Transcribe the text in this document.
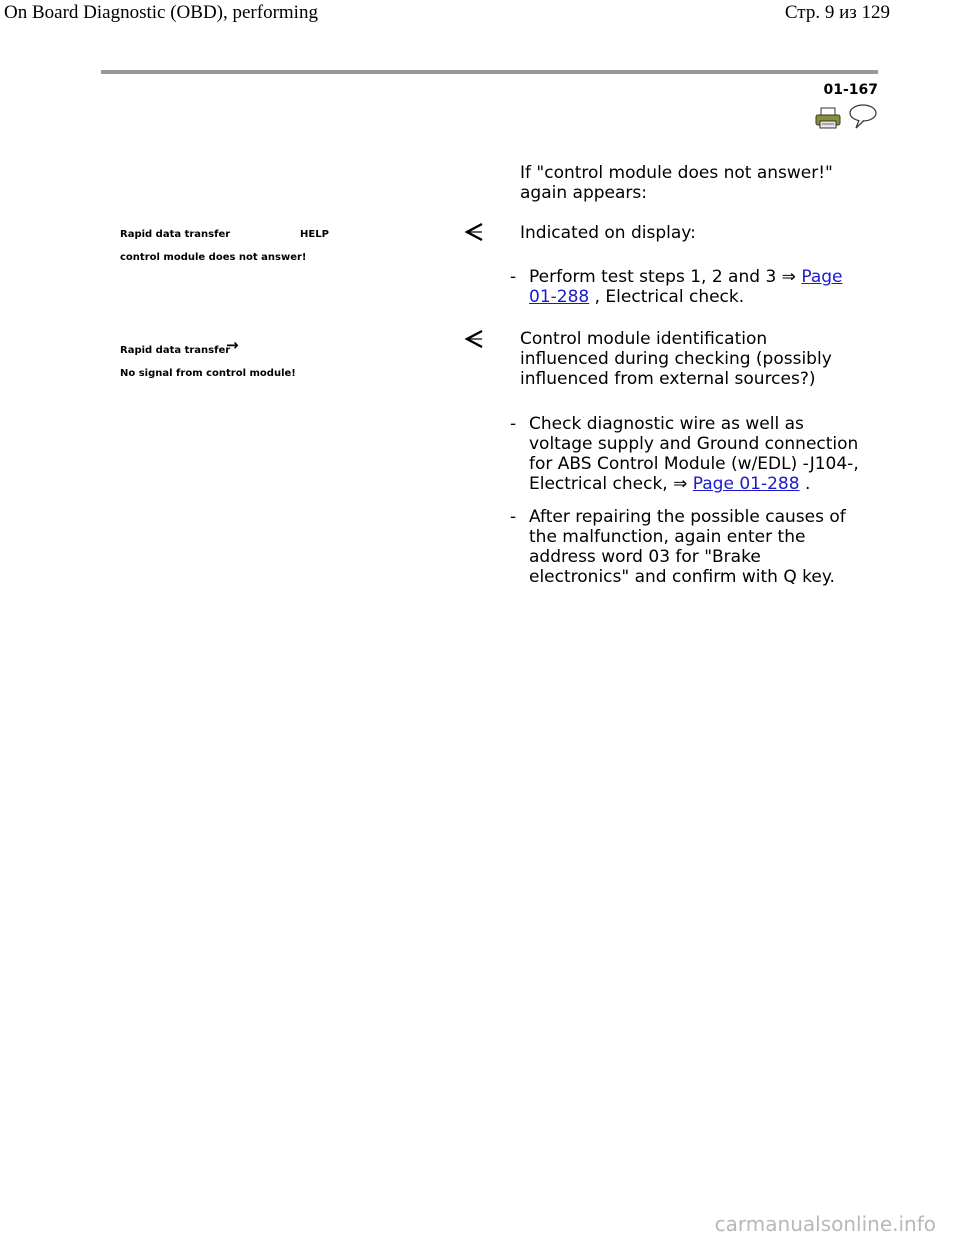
On Board Diagnostic (OBD), performing	Стр. 9 из 129
01-167
If "control module does not answer!" again appears:
Rapid data transfer	HELP
control module does not answer!
Indicated on display:
- Perform test steps 1, 2 and 3 ⇒ Page
01-288 , Electrical check.
Rapid data transfer
→
No signal from control module!
Control module identification influenced during checking (possibly influenced from external sources?)
- Check diagnostic wire as well as voltage supply and Ground connection for ABS Control Module (w/EDL) -J104-, Electrical check, ⇒ Page 01-288 .
- After repairing the possible causes of the malfunction, again enter the address word 03 for "Brake electronics" and confirm with Q key.
carmanualsonline.info
